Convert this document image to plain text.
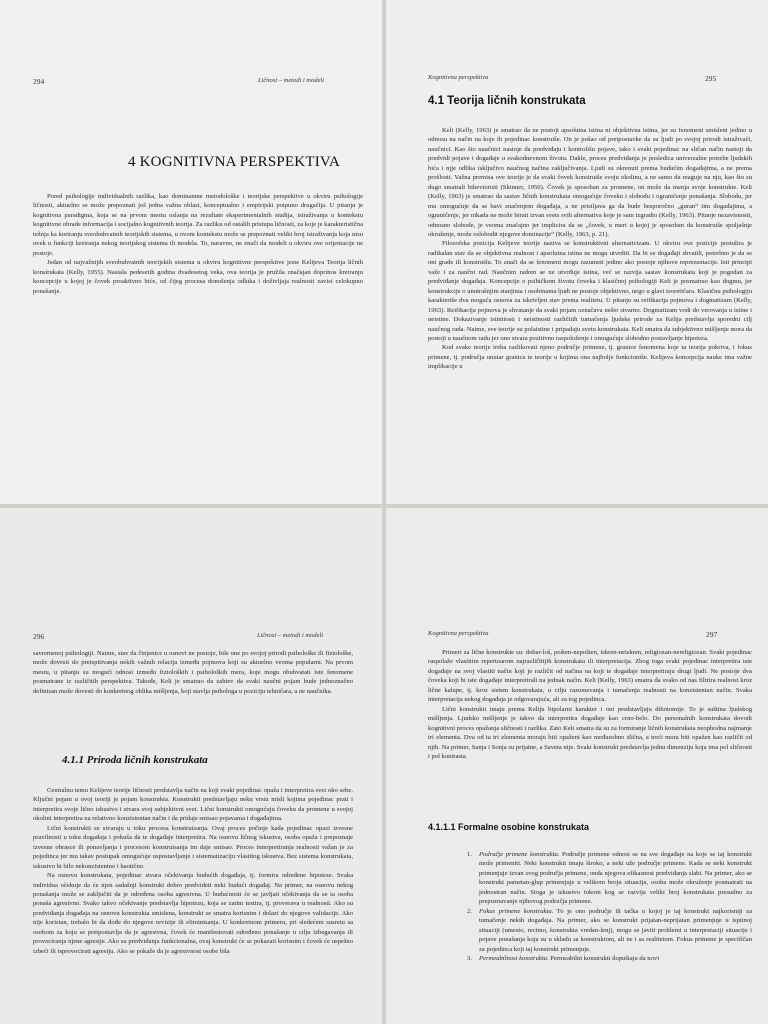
294	Ličnost – metodi i modeli
4 KOGNITIVNA PERSPEKTIVA

Pored psihologije individualnih razlika, kao dominantne metodološke i teorijske perspektive u okviru psihologije ličnosti, aktuelno se može prepoznati još jedna važna oblast, konceptualno i empirijski potpuno drugačija. U pitanju je kognitivna paradigma, koja se na prvom mestu oslanja na rezultate eksperimentalnih studija, istraživanja u kontekstu kognitivne obrade informacija i socijalno kognitivnih teorija. Za razliku od ostalih pristupa ličnosti, za koje je karakteristična težnja ka kreiranju sveobuhvatnih teorijskih sistema, u ovom kontekstu može se prepoznati veliki broj istraživanja koja nisu uvek u funkciji kreiranja nekog teorijskog sistema ili modela. To, naravno, ne znači da modeli u okviru ove orijentacije ne postoje.

Jedan od najvažnijih sveobuhvatnih teorijskih sistema u okviru kognitivne perspektive jeste Kelijeva Teorija ličnih konstrukata (Kelly, 1955). Nastala pedesetih godina dvadesetog veka, ova teorija je pružila značajan doprinos kreiranju koncepcije u kojoj je čovek proaktivno biće, od čijeg procesa donošenja odluka i doživljaja realnosti zavisi celokupno ponašanje.

Kognitivna perspektiva	295
4.1 Teorija ličnih konstrukata

Keli (Kelly, 1963) je smatrao da ne postoji apsolutna istina ni objektivna istina, jer su fenomeni smisleni jedino u odnosu na način na koje ih pojedinac konstruiše. On je pošao od pretpostavke da su ljudi po svojoj prirodi istraživači, naučnici. Kao što naučnici nastoje da predviđaju i kontrolišu pojave, tako i svaki pojedinac na sličan način nastoji da predvidi pojave i događaje u svakodnevnom životu. Dakle, proces predviđanja je posledica univerzalne potrebe ljudskih bića i njje odlika isključivo naučnog načina zaključivanja. Ljudi su okrenuti prema budućim događajima, a ne prema prošlosti. Važna premisa ove teorije je da svaki čovek konstruiše svoju okolinu, a ne samo da reaguje na nju, kao što su dugo smatrali bihevioristi (Skinner, 1950). Čovek je sposoban za promene, on može da menja svoje konstrukte. Keli (Kelly, 1963) je smatrao da sastav ličnih konstrukata omogućuje čoveku i slobodu i ograničenje ponašanja. Slobodu, jer mu omogućuje da se bavi značenjem događaja, a ne prisiljava ga da bude besporočno „guran“ tim događajima, a ograničenje, jer nikada ne može birati izvan svets svih alternativa koje je sam izgradio (Kelly, 1963). Pitanje nezavisnosti, odnosno slobode, je veoma značajno jer implicira da se „čovek, u meri u kojoj je sposoban da konstruiše spoljašnje okruženje, može oslobodit njegove dominacije“ (Kelly, 1963, p. 21).

Filozofska pozicija Kelijeve teorije naziva se konstruktivni alternativizam. U okviru ove pozicije postulira je radikalan stav da se objektivna realnost i apsolutna istina ne mogu utvrditi. Da bi se događaji shvatili, potrebno je da se oni grade ili konstruišu. To znači da se fenomeni mogu razumeti jedino ako postoje njihove reprezentacije. Isti principi važe i za naučni rad. Naučnim radom se ne utvrđuje istina, već se razvija sastav konstrukata koji je pogodan za predviđanje događaja. Koncepcije o psihičkom životu čoveka i klasičnoj psihologiji Keli je posmatrao kao dogmu, jer konstrukcije o unutrašnjim stanjima i osobinama ljudi ne postoje objektivno, nego u glavi teoretičara. Klasičnu psihologiju karakteriše dva moguća osnova za iskrivljen stav prema realitetu. U pitanju su reifikacija pojmova i dogmatizam (Kelly, 1963). Reifikacija pojmova je shvatanje da svaki pojam označava nešto stvarno. Dogmatizam vodi do verovanja u istine i neistine. Dokazivanje istinitosti i neistinosti različitih tumačenja ljudske prirode za Kelija predstavlja sporedni cilj naučnog rada. Naime, sve teorije su polaistine i pripadaju svetu konstrukata. Keli smatra da subjektivno mišljenje mora da postoji u naučnom radu jer ono stvara pozitivno raspoloženje i omogućuje slobodno postavljanje hipoteza.

Kod svake teorije treba razlikovati njeno područje primene, tj. granice fenomena koje ta teorija pokriva, i fokus primene, tj. područja unutar granica te teorije u kojima ona najbolje funkcioniše. Kelijeva koncepcija nauke ima važne implikacije u

296	Ličnost – metodi i modeli

savremenoj psihologiji. Naime, stav da činjenice u osnovi ne postoje, bile one po svojoj prirodi psihološke ili fiziološke, može dovesti do preispitivanja nekih važnih relacija između pojmova koji su aktuelno veoma popularni. Na prvom mestu, u pitanju su mogući odnosi između fizioloških i psiholoških mera, koje mogu obuhvatati iste fenomene posmatrane iz različitih perspektiva. Takođe, Keli je smatrao da zahtev da svaki naučni pojam bude jednoznačno definisan može dovesti do konkretnog oblika mišljenja, koji stavlja psihologa u poziciju tehničara, a ne naučnika.

4.1.1 Priroda ličnih konstrukata

Centralnu temu Kelijeve teorije ličnosti predstavlja način na koji svaki pojedinac opaža i interpretira svet oko sebe. Ključni pojam u ovoj teoriji je pojam konstrukta. Konstrukti predstavljaju neku vrstu misli kojima pojedinac prati i interpretira svoje lično iskustvo i stvara svoj subjektivni svet. Lični konstrukti omogućuju čoveku da promene u svojoj okolini interpretira na relativno konzistentan način i da pridaje smisao pojavama i događajima.

Lični konstrukti se stvaraju u toku procesa konstruisanja. Ovaj proces počinje kada pojedinac opazi izvesne pravilnosti u toku događaja i pokuša da te događaje interpretira. Na osnovu ličnog iskustva, osoba opaža i prepoznaje izvesne obrasce ili ponavljanja i procesom konstruisanja im daje smisao. Proces interpretiranja realnosti važan je za pojedinca jer mu takav postupak omogućuje uspostavljanje i sistematizaciju vlastitog iskustva. Bez sistema konstrukata, iskustvo bi bilo nekonzistentno i haotično.

Na osnovu konstrukata, pojedinac stvara očekivanja budućih događaja, tj. formira određene hipoteze. Svaka individua očekuje da će njen sadašnji konstrukt dobro predvideti neki budući događaj. Na primer, na osnovu nekog ponašanja može se zaključiti da je određena osoba agresivna. U budućnosti će se javljati očekivanja da se ta osoba ponaša agresivno. Svako takvo očekivanje predstavlja hipotezu, koja se zatim testira, tj. proverava u realnosti. Ako su predviđanja događaja na osnovu konstrukta smislena, konstrukt se smatra korisnim i dolazi do njegove validacije. Ako nije koristan, trebalo bi da dođe do njegove revizije ili eliminisanja. U konkretnom primeru, pri sledećem susretu sa osobom za koju se pretpostavlja da je agresivna, čovek će manifestovati određeno ponašanje u cilju izbegavanja ili provociranja njene agresije. Ako su predviđanja funkcionalna, ovaj konstrukt će se pokazati korisnim i čovek će uspešno izbeći ili isprovocirati agresiju. Ako se pokaže da je agresivnost osobe bila

Kognitivna perspektiva	297

Primeri za lične konstrukte su: dobar-loš, pošten-nepošten, iskren-neiskren, religiozan-nereligiozan. Svaki pojedinac raspolaže vlastitim repertoarom najrazličitijih konstrukata ili interpretacija. Zbog toga svaki pojedinac interpretira iste događaje na svoj vlastiti način koji je različit od načina na koji te događaje interpretiraju drugi ljudi. Ne postoje dva čoveka koji bi iste događaje interpretirali na jednak način. Keli (Kelly, 1963) smatra da svako od nas filtrira realnost kroz lične kalupe, tj. kroz sistem konstrukata, u cilju razumevanja i tumačenja realnosti na konzistentan način. Svaka interpretacija nekog događaja je odgovarajuća, ali za tog pojedinca.

Lični konstrukti imaju prema Keliju bipolarni karakter i oni predstavljaju dihotomije. To je suština ljudskog mišljenja. Ljudsko mišljenje je takvo da interpretira događaje kao crno-belo. Do personalnih konstrukata dovodi kognitivni proces opažanja sličnosti i razlika. Zato Keli smatra da su za formiranje ličnih konstrukata neophodna najmanje tri elementa. Dva od ta tri elementa moraju biti opaženi kao međusobno slična, a treći mora biti opažen kao različit od njih. Na primer, Sanja i Sonja su prijatne, a Saveta nije. Svaki konstrukt predstavlja jednu dimenziju koja ima pol sličnosti i pol kontrasta.

4.1.1.1 Formalne osobine konstrukata
1. Područje primene konstrukta. Područje primene odnosi se na sve događaje na koje se taj konstrukt može primeniti. Neki konstrukti imaju široko, a neki uže područje primene. Kada se neki konstrukt primenjuje izvan svog područja primene, onda njegova efikasnost predviđanja slabi. Na primer, ako se konstrukt pametan-glup primenjuje u velikom broju situacija, osoba može okruženje posmatrati na jednostran način. Stoga je iskustvo tokom kog se razvija veliki broj konstrukata presudno za prepoznavanje njihovog područja primene.
2. Fokus primene konstrukta. To je ono područje ili tačka u kojoj je taj konstrukt najkorisniji za tumačenje nekih događaja. Na primer, ako se konstrukt prijatan-neprijatan primenjuje u ispitnoj situaciji (umesto, recimo, konstrukta vredan-lenj), mogu se javiti problemi u interpretaciji situacije i pojave ponašanja koja su u skladu sa konstruktom, ali ne i sa realitetom. Fokus primene je specifičan za pojedinca koji taj konstrukt primenjuje.
3. Permeabilnost konstrukta. Permeabilni konstrukti dopuštaju da novi
